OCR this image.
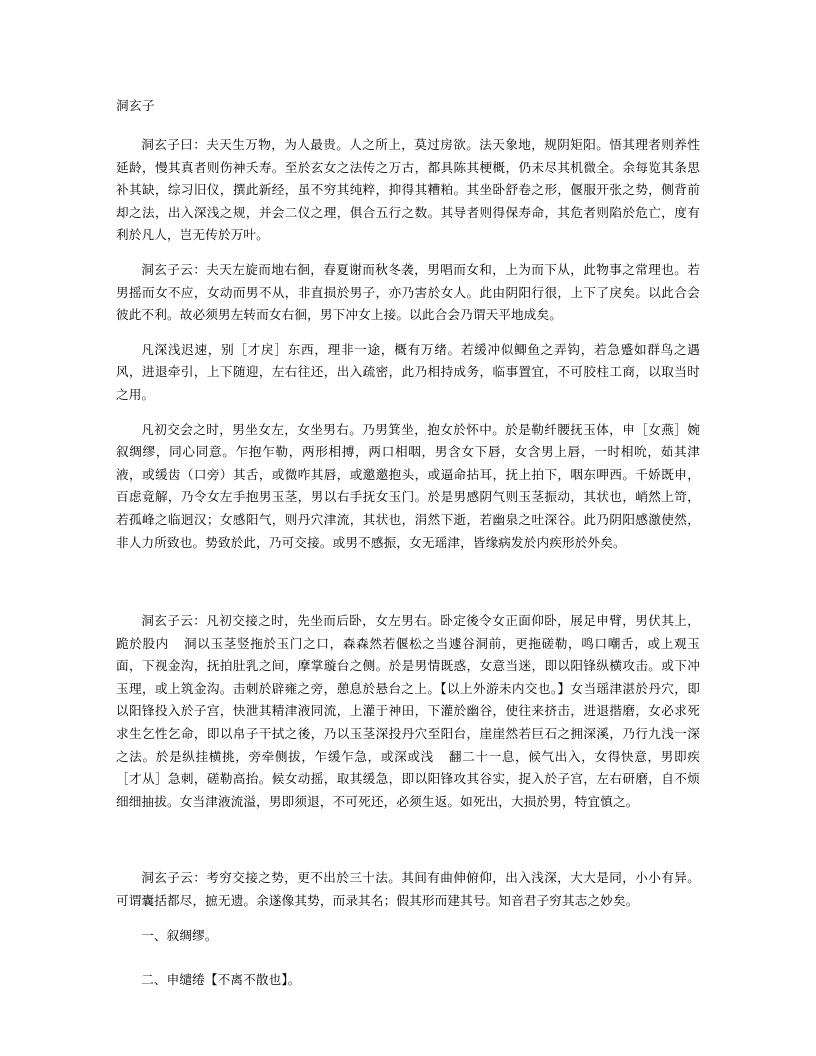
洞玄子

洞玄子曰：夫天生万物，为人最贵。人之所上，莫过房欲。法天象地，规阴矩阳。悟其理者则养性延龄，慢其真者则伤神夭寿。至於玄女之法传之万古，都具陈其梗概，仍未尽其机微全。余每览其条思补其缺，综习旧仪，撰此新经，虽不穷其纯粹，抑得其糟粕。其坐卧舒卷之形，偃服开张之势，侧背前却之法，出入深浅之规，并会二仪之理，俱合五行之数。其导者则得保寿命，其危者则陷於危亡，度有利於凡人，岂无传於万叶。

洞玄子云：夫天左旋而地右徊，春夏谢而秋冬袭，男唱而女和，上为而下从，此物事之常理也。若男摇而女不应，女动而男不从，非直损於男子，亦乃害於女人。此由阴阳行很，上下了戾矣。以此合会彼此不利。故必须男左转而女右徊，男下冲女上接。以此合会乃谓天平地成矣。

凡深浅迟速，别［才戾］东西，理非一途，概有万绪。若缓冲似鲫鱼之弄钩，若急蹙如群鸟之遇风，进退牵引，上下随迎，左右往还，出入疏密，此乃相持成务，临事置宜，不可胶柱工商，以取当时之用。

凡初交会之时，男坐女左，女坐男右。乃男箕坐，抱女於怀中。於是勒纤腰抚玉体，申［女燕］婉叙绸缪，同心同意。乍抱乍勒，两形相搏，两口相咽，男含女下唇，女含男上唇，一时相吮，茹其津液，或缓齿（口旁）其舌，或微咋其唇，或邀邀抱头，或逼命拈耳，抚上拍下，咽东呷西。千娇既申，百虑竟解，乃令女左手抱男玉茎，男以右手抚女玉门。於是男感阴气则玉茎振动，其状也，峭然上笴，若孤峰之临迥汉；女感阳气，则丹穴津流，其状也，涓然下逝，若幽泉之吐深谷。此乃阴阳感激使然，非人力所致也。势致於此，乃可交接。或男不感振，女无瑶津，皆缘病发於内疾形於外矣。

洞玄子云：凡初交接之时，先坐而后卧，女左男右。卧定後令女正面仰卧，展足申臂，男伏其上，跪於股内 洞以玉茎竖拖於玉门之口，森森然若偃松之当遽谷洞前，更拖磋勒，鸣口嘲舌，或上观玉面，下视金沟，抚拍肚乳之间，摩掌璇台之侧。於是男情既惑，女意当迷，即以阳锋纵横攻击。或下冲玉理，或上筑金沟。击刺於辟雍之旁，憩息於悬台之上。【以上外游未内交也。】女当瑶津湛於丹穴，即以阳锋投入於子宫，快泄其精津液同流，上灌于神田，下灌於幽谷，使往来挤击，进退揩磨，女必求死求生乞性乞命，即以帛子干拭之後，乃以玉茎深投丹穴至阳台，崖崖然若巨石之拥深溪，乃行九浅一深之法。於是纵挂横挑，旁牵侧拔，乍缓乍急，或深或浅 翻二十一息，候气出入，女得快意，男即疾［才从］急刺，磋勒高抬。候女动摇，取其缓急，即以阳锋攻其谷实，捉入於子宫，左右研磨，自不烦细细抽拔。女当津液流溢，男即须退，不可死还，必须生返。如死出，大损於男，特宜慎之。

洞玄子云：考穷交接之势，更不出於三十法。其间有曲伸俯仰，出入浅深，大大是同，小小有异。可谓囊括都尽，摭无遗。余遂像其势，而录其名；假其形而建其号。知音君子穷其志之妙矣。

一、叙绸缪。

二、申缱绻【不离不散也】。
